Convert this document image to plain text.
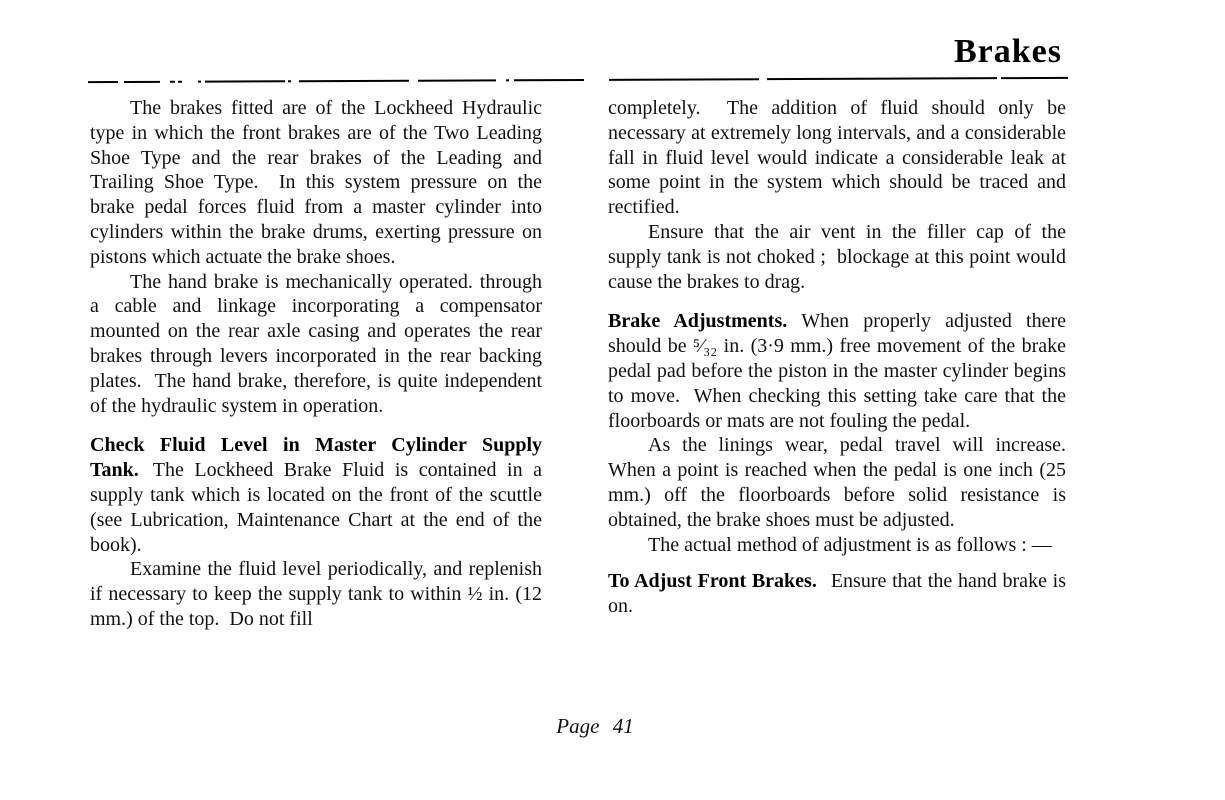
Brakes

The brakes fitted are of the Lockheed Hydraulic type in which the front brakes are of the Two Leading Shoe Type and the rear brakes of the Leading and Trailing Shoe Type.  In this system pressure on the brake pedal forces fluid from a master cylinder into cylinders within the brake drums, exerting pressure on pistons which actuate the brake shoes.

The hand brake is mechanically operated. through a cable and linkage incorporating a compensator mounted on the rear axle casing and operates the rear brakes through levers incorporated in the rear backing plates.  The hand brake, therefore, is quite independent of the hydraulic system in operation.

Check Fluid Level in Master Cylinder Supply Tank. The Lockheed Brake Fluid is contained in a supply tank which is located on the front of the scuttle (see Lubrication, Maintenance Chart at the end of the book).

Examine the fluid level periodically, and replenish if necessary to keep the supply tank to within ½ in. (12 mm.) of the top.  Do not fill

completely.  The addition of fluid should only be necessary at extremely long intervals, and a considerable fall in fluid level would indicate a considerable leak at some point in the system which should be traced and rectified.

Ensure that the air vent in the filler cap of the supply tank is not choked ;  blockage at this point would cause the brakes to drag.

Brake Adjustments. When properly adjusted there should be ⁵⁄₃₂ in. (3·9 mm.) free movement of the brake pedal pad before the piston in the master cylinder begins to move.  When checking this setting take care that the floorboards or mats are not fouling the pedal.

As the linings wear, pedal travel will increase.  When a point is reached when the pedal is one inch (25 mm.) off the floorboards before solid resistance is obtained, the brake shoes must be adjusted.

The actual method of adjustment is as follows : —

To Adjust Front Brakes. Ensure that the hand brake is on.

Page 41
